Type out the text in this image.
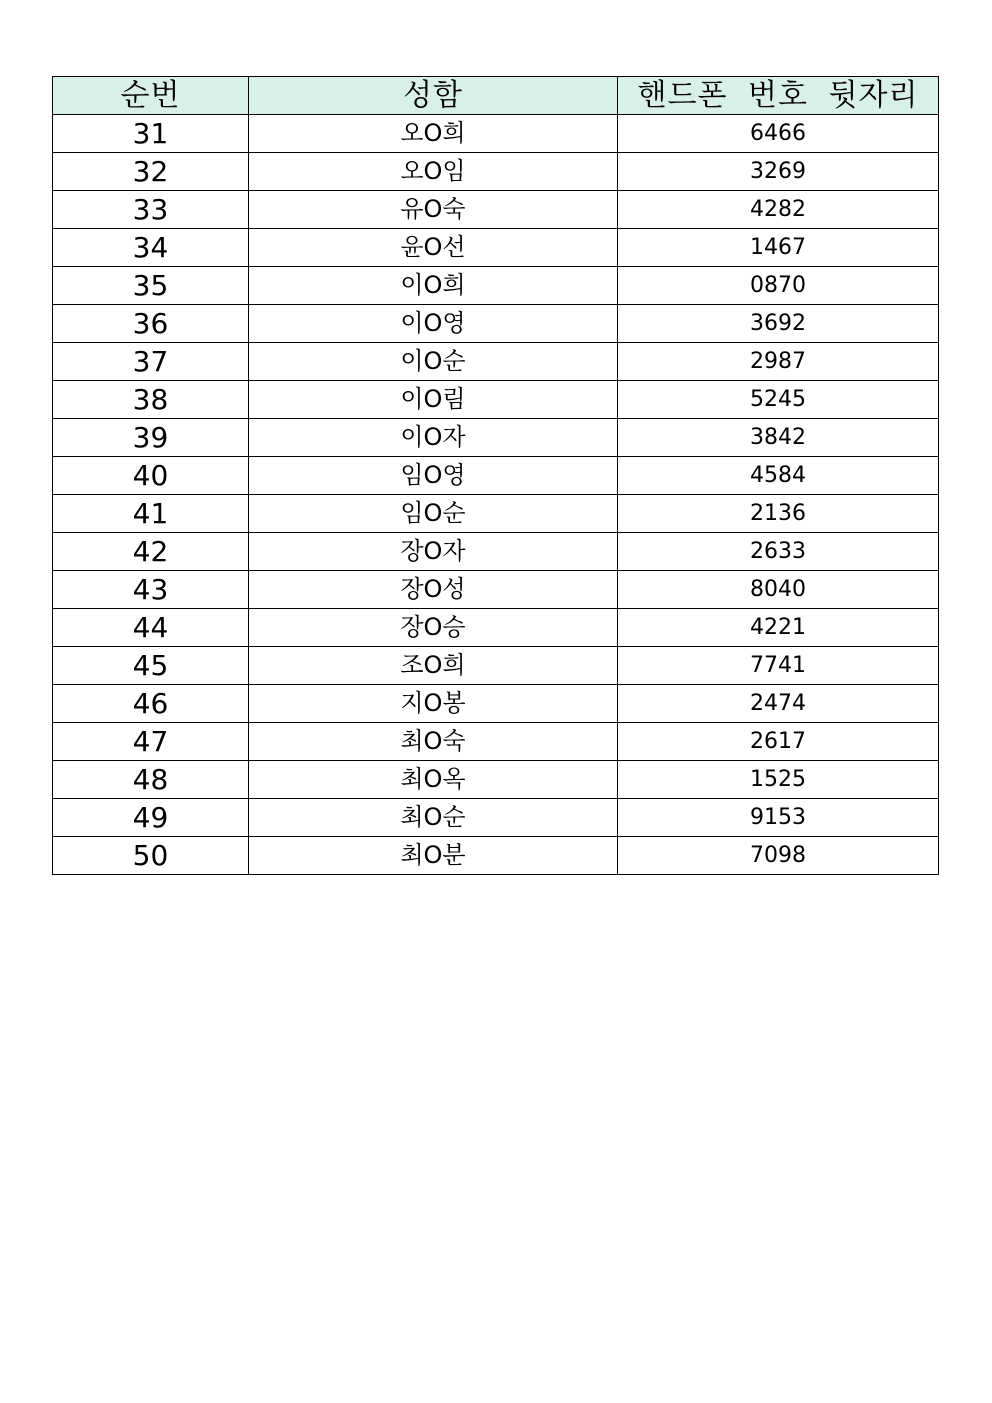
순번	성함	핸드폰 번호 뒷자리
31	오O희	6466
32	오O임	3269
33	유O숙	4282
34	윤O선	1467
35	이O희	0870
36	이O영	3692
37	이O순	2987
38	이O림	5245
39	이O자	3842
40	임O영	4584
41	임O순	2136
42	장O자	2633
43	장O성	8040
44	장O승	4221
45	조O희	7741
46	지O봉	2474
47	최O숙	2617
48	최O옥	1525
49	최O순	9153
50	최O분	7098
